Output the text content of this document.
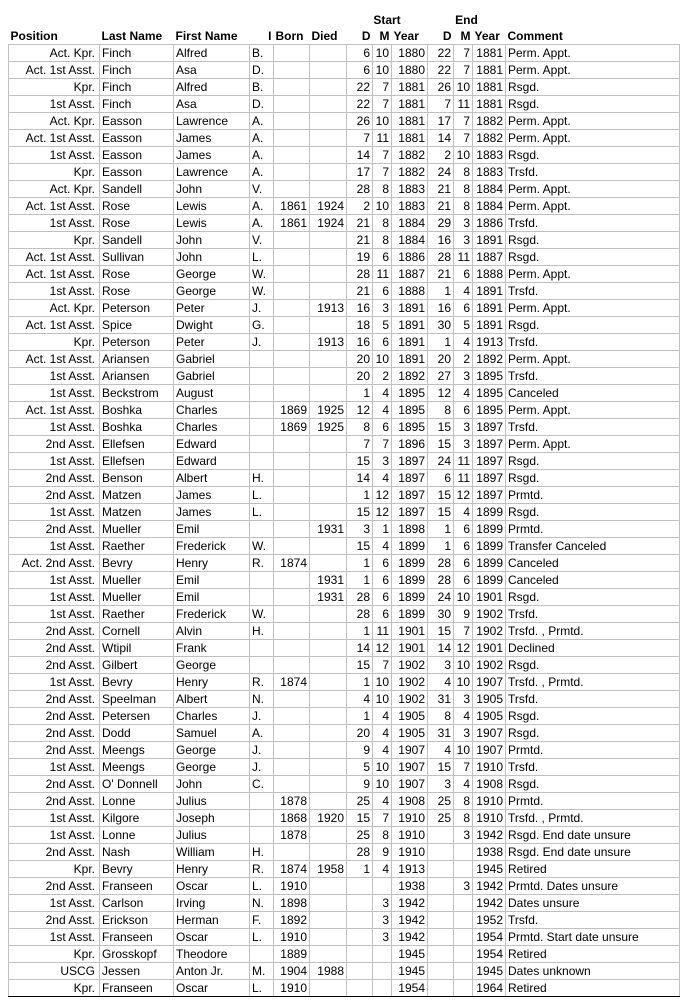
						Start			End			
Position	Last Name	First Name	I	Born	Died	D	M	Year	D	M	Year	Comment
Act. Kpr.	Finch	Alfred	B.			6	10	1880	22	7	1881	Perm. Appt.
Act. 1st Asst.	Finch	Asa	D.			6	10	1880	22	7	1881	Perm. Appt.
Kpr.	Finch	Alfred	B.			22	7	1881	26	10	1881	Rsgd.
1st Asst.	Finch	Asa	D.			22	7	1881	7	11	1881	Rsgd.
Act. Kpr.	Easson	Lawrence	A.			26	10	1881	17	7	1882	Perm. Appt.
Act. 1st Asst.	Easson	James	A.			7	11	1881	14	7	1882	Perm. Appt.
1st Asst.	Easson	James	A.			14	7	1882	2	10	1883	Rsgd.
Kpr.	Easson	Lawrence	A.			17	7	1882	24	8	1883	Trsfd.
Act. Kpr.	Sandell	John	V.			28	8	1883	21	8	1884	Perm. Appt.
Act. 1st Asst.	Rose	Lewis	A.	1861	1924	2	10	1883	21	8	1884	Perm. Appt.
1st Asst.	Rose	Lewis	A.	1861	1924	21	8	1884	29	3	1886	Trsfd.
Kpr.	Sandell	John	V.			21	8	1884	16	3	1891	Rsgd.
Act. 1st Asst.	Sullivan	John	L.			19	6	1886	28	11	1887	Rsgd.
Act. 1st Asst.	Rose	George	W.			28	11	1887	21	6	1888	Perm. Appt.
1st Asst.	Rose	George	W.			21	6	1888	1	4	1891	Trsfd.
Act. Kpr.	Peterson	Peter	J.		1913	16	3	1891	16	6	1891	Perm. Appt.
Act. 1st Asst.	Spice	Dwight	G.			18	5	1891	30	5	1891	Rsgd.
Kpr.	Peterson	Peter	J.		1913	16	6	1891	1	4	1913	Trsfd.
Act. 1st Asst.	Ariansen	Gabriel				20	10	1891	20	2	1892	Perm. Appt.
1st Asst.	Ariansen	Gabriel				20	2	1892	27	3	1895	Trsfd.
1st Asst.	Beckstrom	August				1	4	1895	12	4	1895	Canceled
Act. 1st Asst.	Boshka	Charles		1869	1925	12	4	1895	8	6	1895	Perm. Appt.
1st Asst.	Boshka	Charles		1869	1925	8	6	1895	15	3	1897	Trsfd.
2nd Asst.	Ellefsen	Edward				7	7	1896	15	3	1897	Perm. Appt.
1st Asst.	Ellefsen	Edward				15	3	1897	24	11	1897	Rsgd.
2nd Asst.	Benson	Albert	H.			14	4	1897	6	11	1897	Rsgd.
2nd Asst.	Matzen	James	L.			1	12	1897	15	12	1897	Prmtd.
1st Asst.	Matzen	James	L.			15	12	1897	15	4	1899	Rsgd.
2nd Asst.	Mueller	Emil			1931	3	1	1898	1	6	1899	Prmtd.
1st Asst.	Raether	Frederick	W.			15	4	1899	1	6	1899	Transfer Canceled
Act. 2nd Asst.	Bevry	Henry	R.	1874		1	6	1899	28	6	1899	Canceled
1st Asst.	Mueller	Emil			1931	1	6	1899	28	6	1899	Canceled
1st Asst.	Mueller	Emil			1931	28	6	1899	24	10	1901	Rsgd.
1st Asst.	Raether	Frederick	W.			28	6	1899	30	9	1902	Trsfd.
2nd Asst.	Cornell	Alvin	H.			1	11	1901	15	7	1902	Trsfd. , Prmtd.
2nd Asst.	Wtipil	Frank				14	12	1901	14	12	1901	Declined
2nd Asst.	Gilbert	George				15	7	1902	3	10	1902	Rsgd.
1st Asst.	Bevry	Henry	R.	1874		1	10	1902	4	10	1907	Trsfd. , Prmtd.
2nd Asst.	Speelman	Albert	N.			4	10	1902	31	3	1905	Trsfd.
2nd Asst.	Petersen	Charles	J.			1	4	1905	8	4	1905	Rsgd.
2nd Asst.	Dodd	Samuel	A.			20	4	1905	31	3	1907	Rsgd.
2nd Asst.	Meengs	George	J.			9	4	1907	4	10	1907	Prmtd.
1st Asst.	Meengs	George	J.			5	10	1907	15	7	1910	Trsfd.
2nd Asst.	O' Donnell	John	C.			9	10	1907	3	4	1908	Rsgd.
2nd Asst.	Lonne	Julius		1878		25	4	1908	25	8	1910	Prmtd.
1st Asst.	Kilgore	Joseph		1868	1920	15	7	1910	25	8	1910	Trsfd. , Prmtd.
1st Asst.	Lonne	Julius		1878		25	8	1910		3	1942	Rsgd. End date unsure
2nd Asst.	Nash	William	H.			28	9	1910			1938	Rsgd. End date unsure
Kpr.	Bevry	Henry	R.	1874	1958	1	4	1913			1945	Retired
2nd Asst.	Franseen	Oscar	L.	1910				1938		3	1942	Prmtd. Dates unsure
1st Asst.	Carlson	Irving	N.	1898			3	1942			1942	Dates unsure
2nd Asst.	Erickson	Herman	F.	1892			3	1942			1952	Trsfd.
1st Asst.	Franseen	Oscar	L.	1910			3	1942			1954	Prmtd. Start date unsure
Kpr.	Grosskopf	Theodore		1889				1945			1954	Retired
USCG	Jessen	Anton Jr.	M.	1904	1988			1945			1945	Dates unknown
Kpr.	Franseen	Oscar	L.	1910				1954			1964	Retired
